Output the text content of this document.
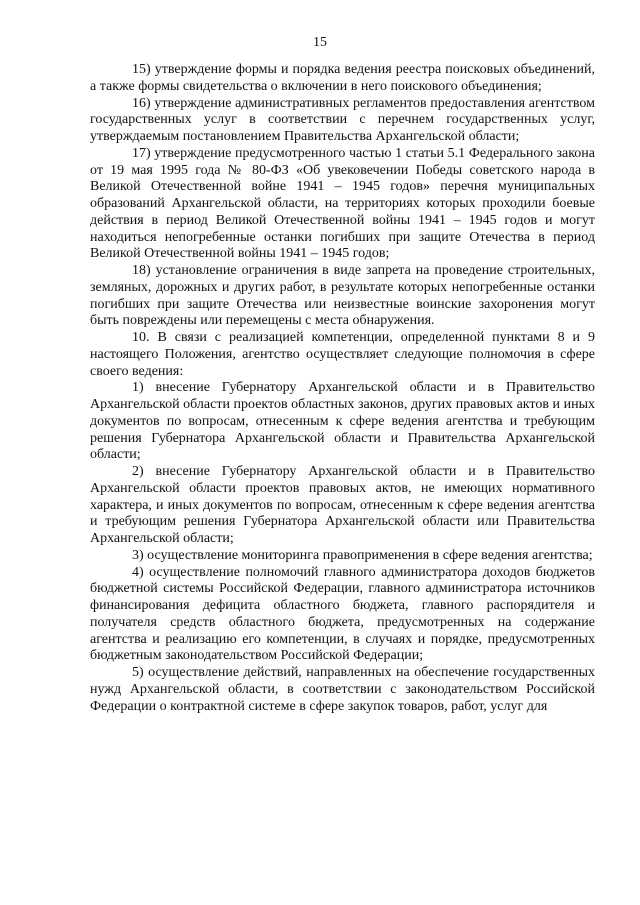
15

15) утверждение формы и порядка ведения реестра поисковых объединений, а также формы свидетельства о включении в него поискового объединения;

16) утверждение административных регламентов предоставления агентством государственных услуг в соответствии с перечнем государственных услуг, утверждаемым постановлением Правительства Архангельской области;

17) утверждение предусмотренного частью 1 статьи 5.1 Федерального закона от 19 мая 1995 года № 80-ФЗ «Об увековечении Победы советского народа в Великой Отечественной войне 1941 – 1945 годов» перечня муниципальных образований Архангельской области, на территориях которых проходили боевые действия в период Великой Отечественной войны 1941 – 1945 годов и могут находиться непогребенные останки погибших при защите Отечества в период Великой Отечественной войны 1941 – 1945 годов;

18) установление ограничения в виде запрета на проведение строительных, земляных, дорожных и других работ, в результате которых непогребенные останки погибших при защите Отечества или неизвестные воинские захоронения могут быть повреждены или перемещены с места обнаружения.

10. В связи с реализацией компетенции, определенной пунктами 8 и 9 настоящего Положения, агентство осуществляет следующие полномочия в сфере своего ведения:

1) внесение Губернатору Архангельской области и в Правительство Архангельской области проектов областных законов, других правовых актов и иных документов по вопросам, отнесенным к сфере ведения агентства и требующим решения Губернатора Архангельской области и Правительства Архангельской области;

2) внесение Губернатору Архангельской области и в Правительство Архангельской области проектов правовых актов, не имеющих нормативного характера, и иных документов по вопросам, отнесенным к сфере ведения агентства и требующим решения Губернатора Архангельской области или Правительства Архангельской области;

3) осуществление мониторинга правоприменения в сфере ведения агентства;

4) осуществление полномочий главного администратора доходов бюджетов бюджетной системы Российской Федерации, главного администратора источников финансирования дефицита областного бюджета, главного распорядителя и получателя средств областного бюджета, предусмотренных на содержание агентства и реализацию его компетенции, в случаях и порядке, предусмотренных бюджетным законодательством Российской Федерации;

5) осуществление действий, направленных на обеспечение государственных нужд Архангельской области, в соответствии с законодательством Российской Федерации о контрактной системе в сфере закупок товаров, работ, услуг для
